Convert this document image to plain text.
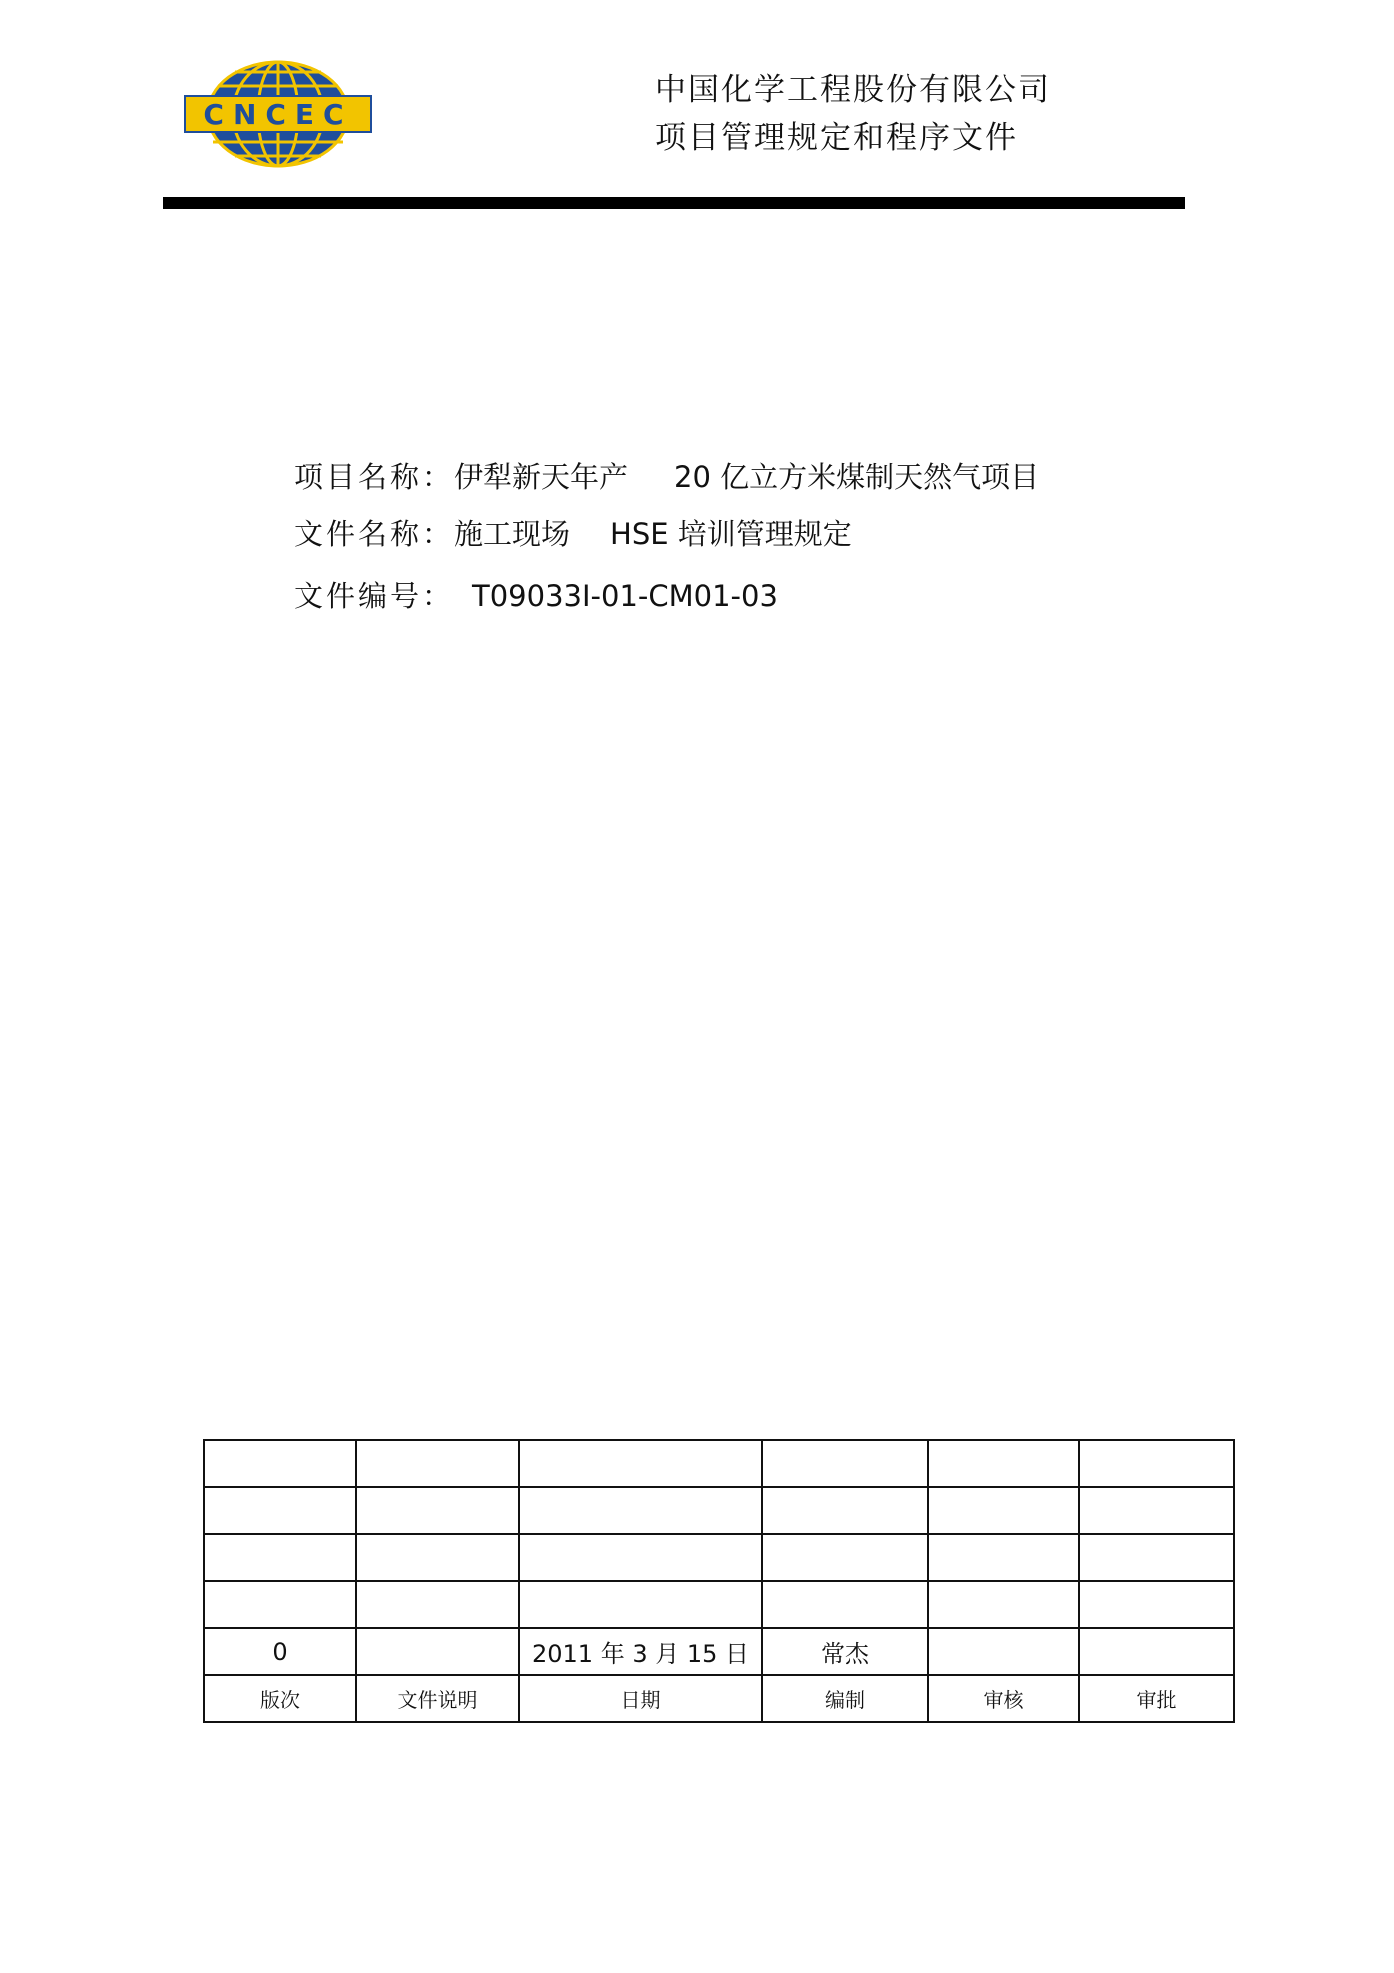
CNCEC
中国化学工程股份有限公司
项目管理规定和程序文件
项目名称：伊犁新天年产 20 亿立方米煤制天然气项目
文件名称：施工现场 HSE 培训管理规定
文件编号： T09033I-01-CM01-03

0		2011 年 3 月 15 日	常杰		
版次	文件说明	日期	编制	审核	审批
